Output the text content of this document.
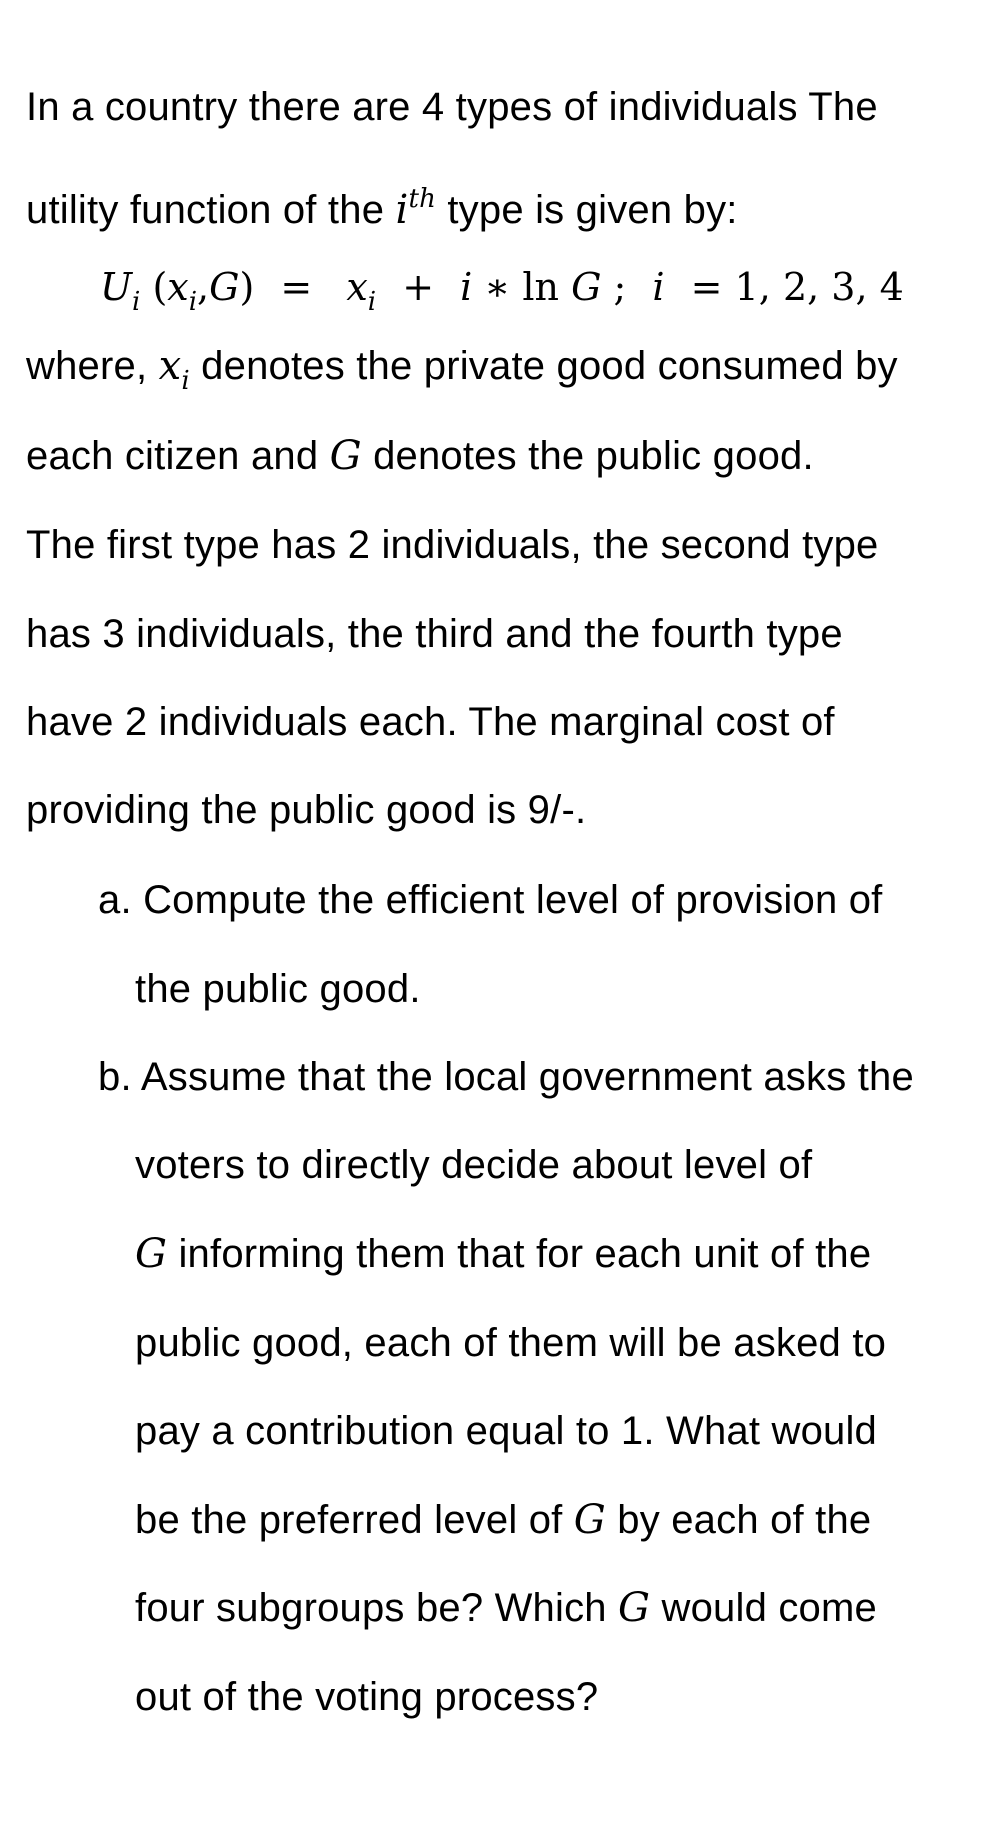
In a country there are 4 types of individuals The
utility function of the $i^{th}$ type is given by:
$U_i$ $(x_i,G) = x_i + i$ ∗ ln G ; i = 1, 2, 3, 4
where, $x_i$ denotes the private good consumed by
each citizen and G denotes the public good.
The first type has 2 individuals, the second type
has 3 individuals, the third and the fourth type
have 2 individuals each. The marginal cost of
providing the public good is 9/-.
a. Compute the efficient level of provision of
the public good.
b. Assume that the local government asks the
voters to directly decide about level of
G informing them that for each unit of the
public good, each of them will be asked to
pay a contribution equal to 1. What would
be the preferred level of G by each of the
four subgroups be? Which G would come
out of the voting process?
